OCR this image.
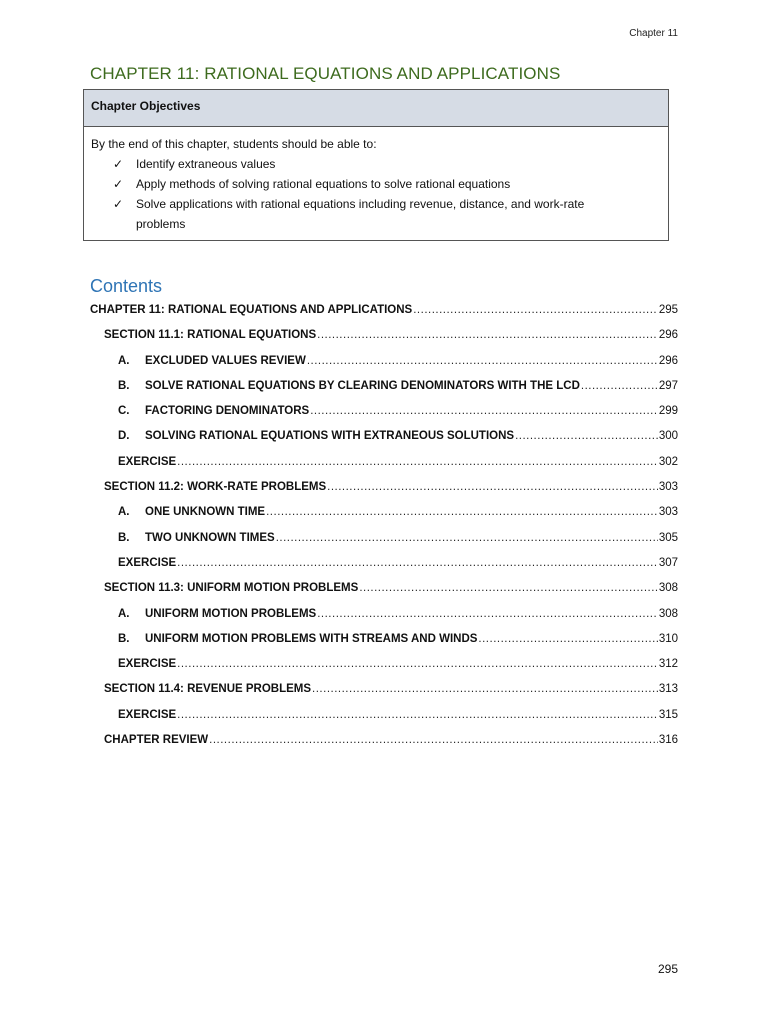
Chapter 11
CHAPTER 11: RATIONAL EQUATIONS AND APPLICATIONS
Chapter Objectives
By the end of this chapter, students should be able to:
✓ Identify extraneous values
✓ Apply methods of solving rational equations to solve rational equations
✓ Solve applications with rational equations including revenue, distance, and work-rate problems
Contents
CHAPTER 11: RATIONAL EQUATIONS AND APPLICATIONS .....	295
SECTION 11.1: RATIONAL EQUATIONS .....	296
A.	EXCLUDED VALUES REVIEW .....	296
B.	SOLVE RATIONAL EQUATIONS BY CLEARING DENOMINATORS WITH THE LCD .....	297
C.	FACTORING DENOMINATORS .....	299
D.	SOLVING RATIONAL EQUATIONS WITH EXTRANEOUS SOLUTIONS .....	300
EXERCISE .....	302
SECTION 11.2: WORK-RATE PROBLEMS .....	303
A.	ONE UNKNOWN TIME .....	303
B.	TWO UNKNOWN TIMES .....	305
EXERCISE .....	307
SECTION 11.3: UNIFORM MOTION PROBLEMS .....	308
A.	UNIFORM MOTION PROBLEMS .....	308
B.	UNIFORM MOTION PROBLEMS WITH STREAMS AND WINDS .....	310
EXERCISE .....	312
SECTION 11.4: REVENUE PROBLEMS .....	313
EXERCISE .....	315
CHAPTER REVIEW .....	316
295
